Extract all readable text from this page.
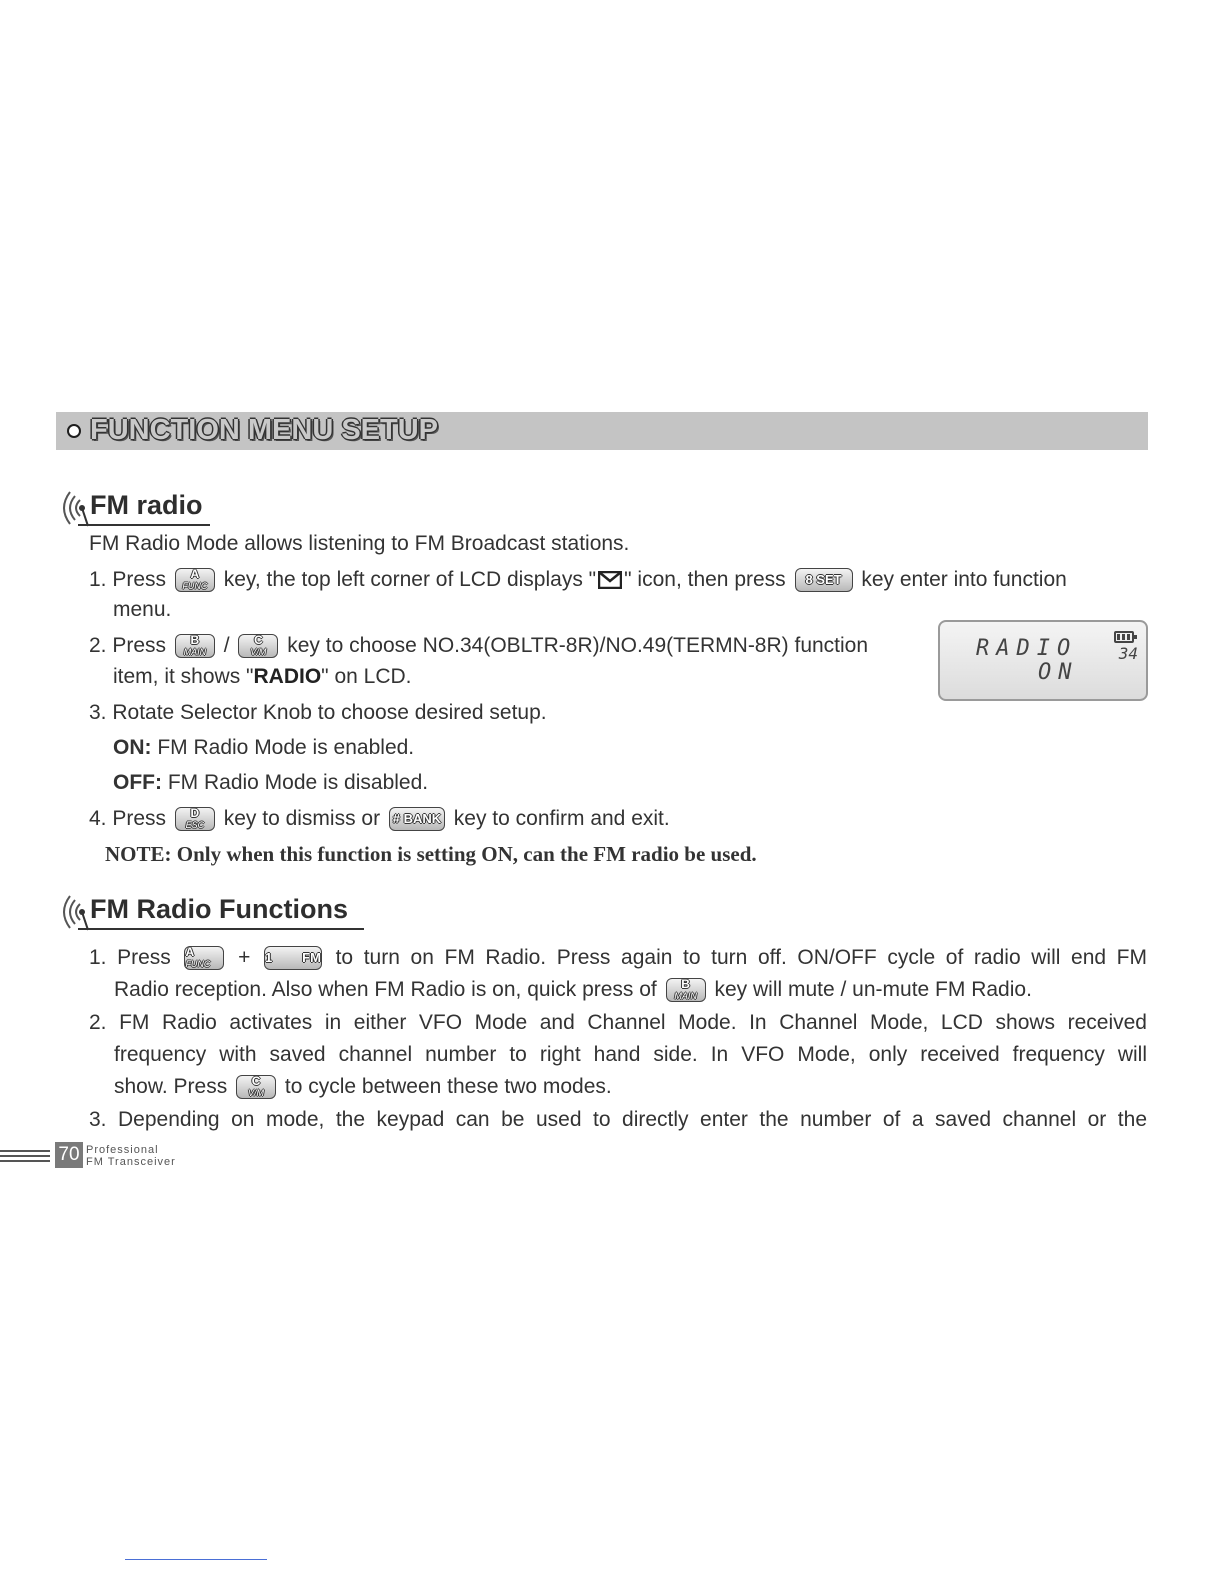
FUNCTION MENU SETUP
FM radio
FM Radio Mode allows listening to FM Broadcast stations.
1. Press	A
FUNC key, the top left corner of LCD displays " " icon, then press	8 SET key enter into function
menu.
2. Press	B
MAIN /	C
V/M key to choose NO.34(OBLTR-8R)/NO.49(TERMN-8R) function
item, it shows "RADIO" on LCD.
RADIO
ON
34
3. Rotate Selector Knob to choose desired setup.
ON: FM Radio Mode is enabled.
OFF: FM Radio Mode is disabled.
4. Press	D
ESC key to dismiss or # BANK key to confirm and exit.
NOTE: Only when this function is setting ON, can the FM radio be used.
FM Radio Functions
1. Press A
FUNC	+ 1 FM to turn on FM Radio. Press again to turn off. ON/OFF cycle of radio will end FM
Radio reception. Also when FM Radio is on, quick press of	B
MAIN key will mute / un-mute FM Radio.
2. FM Radio activates in either VFO Mode and Channel Mode. In Channel Mode, LCD shows received
frequency with saved channel number to right hand side. In VFO Mode, only received frequency will
show. Press	C
V/M to cycle between these two modes.
3. Depending on mode, the keypad can be used to directly enter the number of a saved channel or the
70 Professional
FM Transceiver
